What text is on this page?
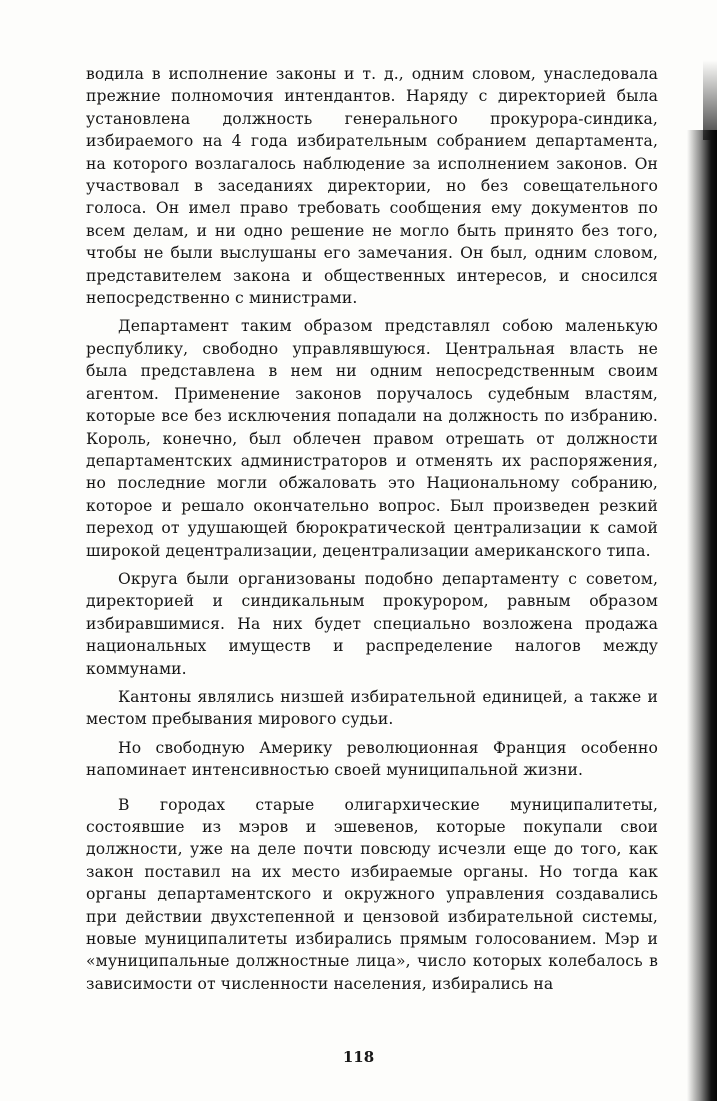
водила в исполнение законы и т. д., одним словом, унаследовала прежние полномочия интендантов. Наряду с директорией была установлена должность генерального прокурора-синдика, избираемого на 4 года избирательным собранием департамента, на которого возлагалось наблюдение за исполнением законов. Он участвовал в заседаниях директории, но без совещательного голоса. Он имел право требовать сообщения ему документов по всем делам, и ни одно решение не могло быть принято без того, чтобы не были выслушаны его замечания. Он был, одним словом, представителем закона и общественных интересов, и сносился непосредственно с министрами.

Департамент таким образом представлял собою маленькую республику, свободно управлявшуюся. Центральная власть не была представлена в нем ни одним непосредственным своим агентом. Применение законов поручалось судебным властям, которые все без исключения попадали на должность по избранию. Король, конечно, был облечен правом отрешать от должности департаментских администраторов и отменять их распоряжения, но последние могли обжаловать это Национальному собранию, которое и решало окончательно вопрос. Был произведен резкий переход от удушающей бюрократической централизации к самой широкой децентрализации, децентрализации американского типа.

Округа были организованы подобно департаменту с советом, директорией и синдикальным прокурором, равным образом избиравшимися. На них будет специально возложена продажа национальных имуществ и распределение налогов между коммунами.

Кантоны являлись низшей избирательной единицей, а также и местом пребывания мирового судьи.

Но свободную Америку революционная Франция особенно напоминает интенсивностью своей муниципальной жизни.

В городах старые олигархические муниципалитеты, состоявшие из мэров и эшевенов, которые покупали свои должности, уже на деле почти повсюду исчезли еще до того, как закон поставил на их место избираемые органы. Но тогда как органы департаментского и окружного управления создавались при действии двухстепенной и цензовой избирательной системы, новые муниципалитеты избирались прямым голосованием. Мэр и «муниципальные должностные лица», число которых колебалось в зависимости от численности населения, избирались на

118
